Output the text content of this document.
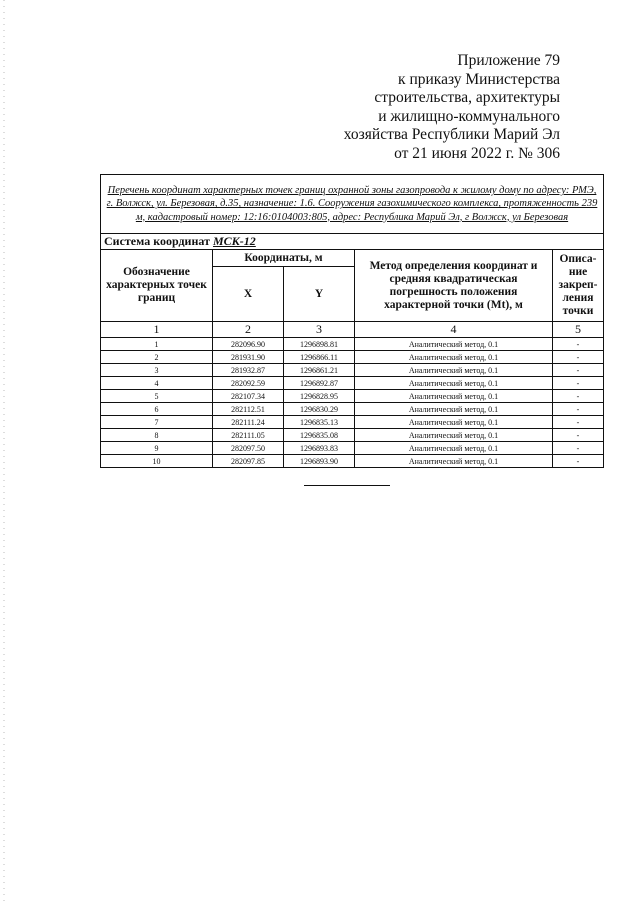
Приложение 79
к приказу Министерства
строительства, архитектуры
и жилищно-коммунального
хозяйства Республики Марий Эл
от 21 июня 2022 г. № 306
Перечень координат характерных точек границ охранной зоны газопровода к жилому дому по адресу: РМЭ, г. Волжск, ул. Березовая, д.35, назначение: 1.6. Сооружения газохимического комплекса, протяженность 239 м, кадастровый номер: 12:16:0104003:805, адрес: Республика Марий Эл, г Волжск, ул Березовая				
Система координат МСК-12				
Обозначение характерных точек границ	Координаты, м		Метод определения координат и средняя квадратическая погрешность положения характерной точки (Mt), м	Описа-ние закреп-ления точки
	X	Y		
1	2	3	4	5
1	282096.90	1296898.81	Аналитический метод, 0.1	-
2	281931.90	1296866.11	Аналитический метод, 0.1	-
3	281932.87	1296861.21	Аналитический метод, 0.1	-
4	282092.59	1296892.87	Аналитический метод, 0.1	-
5	282107.34	1296828.95	Аналитический метод, 0.1	-
6	282112.51	1296830.29	Аналитический метод, 0.1	-
7	282111.24	1296835.13	Аналитический метод, 0.1	-
8	282111.05	1296835.08	Аналитический метод, 0.1	-
9	282097.50	1296893.83	Аналитический метод, 0.1	-
10	282097.85	1296893.90	Аналитический метод, 0.1	-
